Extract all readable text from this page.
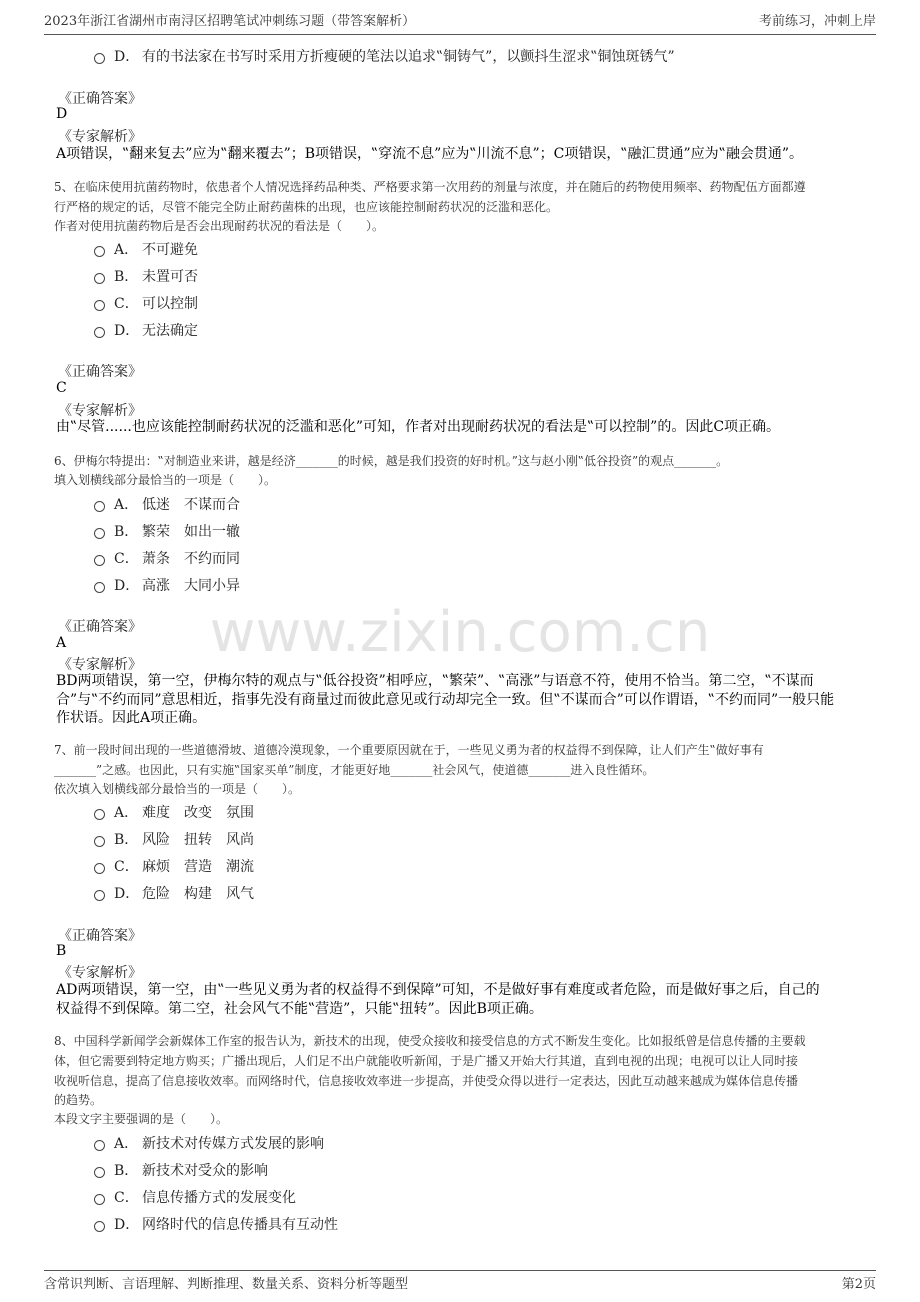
2023年浙江省湖州市南浔区招聘笔试冲刺练习题（带答案解析）	考前练习，冲刺上岸
www.zixin.com.cn
D． 有的书法家在书写时采用方折瘦硬的笔法以追求‟铜铸气”，以颤抖生涩求‟铜蚀斑锈气”
《正确答案》
D
《专家解析》
A项错误，‟翻来复去”应为‟翻来覆去”；B项错误，‟穿流不息”应为‟川流不息”；C项错误，‟融汇贯通”应为‟融会贯通”。
5、在临床使用抗菌药物时，依患者个人情况选择药品种类、严格要求第一次用药的剂量与浓度，并在随后的药物使用频率、药物配伍方面都遵
行严格的规定的话，尽管不能完全防止耐药菌株的出现，也应该能控制耐药状况的泛滥和恶化。
作者对使用抗菌药物后是否会出现耐药状况的看法是（　　）。
A． 不可避免
B． 未置可否
C． 可以控制
D． 无法确定
《正确答案》
C
《专家解析》
由‟尽管......也应该能控制耐药状况的泛滥和恶化”可知，作者对出现耐药状况的看法是‟可以控制”的。因此C项正确。
6、伊梅尔特提出：‟对制造业来讲，越是经济_______的时候，越是我们投资的好时机。”这与赵小刚‟低谷投资”的观点_______。
填入划横线部分最恰当的一项是（　　）。
A． 低迷　不谋而合
B． 繁荣　如出一辙
C． 萧条　不约而同
D． 高涨　大同小异
《正确答案》
A
《专家解析》
BD两项错误，第一空，伊梅尔特的观点与‟低谷投资”相呼应，‟繁荣”、‟高涨”与语意不符，使用不恰当。第二空，‟不谋而
合”与‟不约而同”意思相近，指事先没有商量过而彼此意见或行动却完全一致。但‟不谋而合”可以作谓语，‟不约而同”一般只能
作状语。因此A项正确。
7、前一段时间出现的一些道德滑坡、道德冷漠现象，一个重要原因就在于，一些见义勇为者的权益得不到保障，让人们产生‟做好事有
_______”之感。也因此，只有实施‟国家买单”制度，才能更好地_______社会风气，使道德_______进入良性循环。
依次填入划横线部分最恰当的一项是（　　）。
A． 难度　改变　氛围
B． 风险　扭转　风尚
C． 麻烦　营造　潮流
D． 危险　构建　风气
《正确答案》
B
《专家解析》
AD两项错误，第一空，由‟一些见义勇为者的权益得不到保障”可知，不是做好事有难度或者危险，而是做好事之后，自己的
权益得不到保障。第二空，社会风气不能‟营造”，只能‟扭转”。因此B项正确。
8、中国科学新闻学会新媒体工作室的报告认为，新技术的出现，使受众接收和接受信息的方式不断发生变化。比如报纸曾是信息传播的主要载
体，但它需要到特定地方购买；广播出现后，人们足不出户就能收听新闻，于是广播又开始大行其道，直到电视的出现；电视可以让人同时接
收视听信息，提高了信息接收效率。而网络时代，信息接收效率进一步提高，并使受众得以进行一定表达，因此互动越来越成为媒体信息传播
的趋势。
本段文字主要强调的是（　　）。
A． 新技术对传媒方式发展的影响
B． 新技术对受众的影响
C． 信息传播方式的发展变化
D． 网络时代的信息传播具有互动性
含常识判断、言语理解、判断推理、数量关系、资料分析等题型	第2页
